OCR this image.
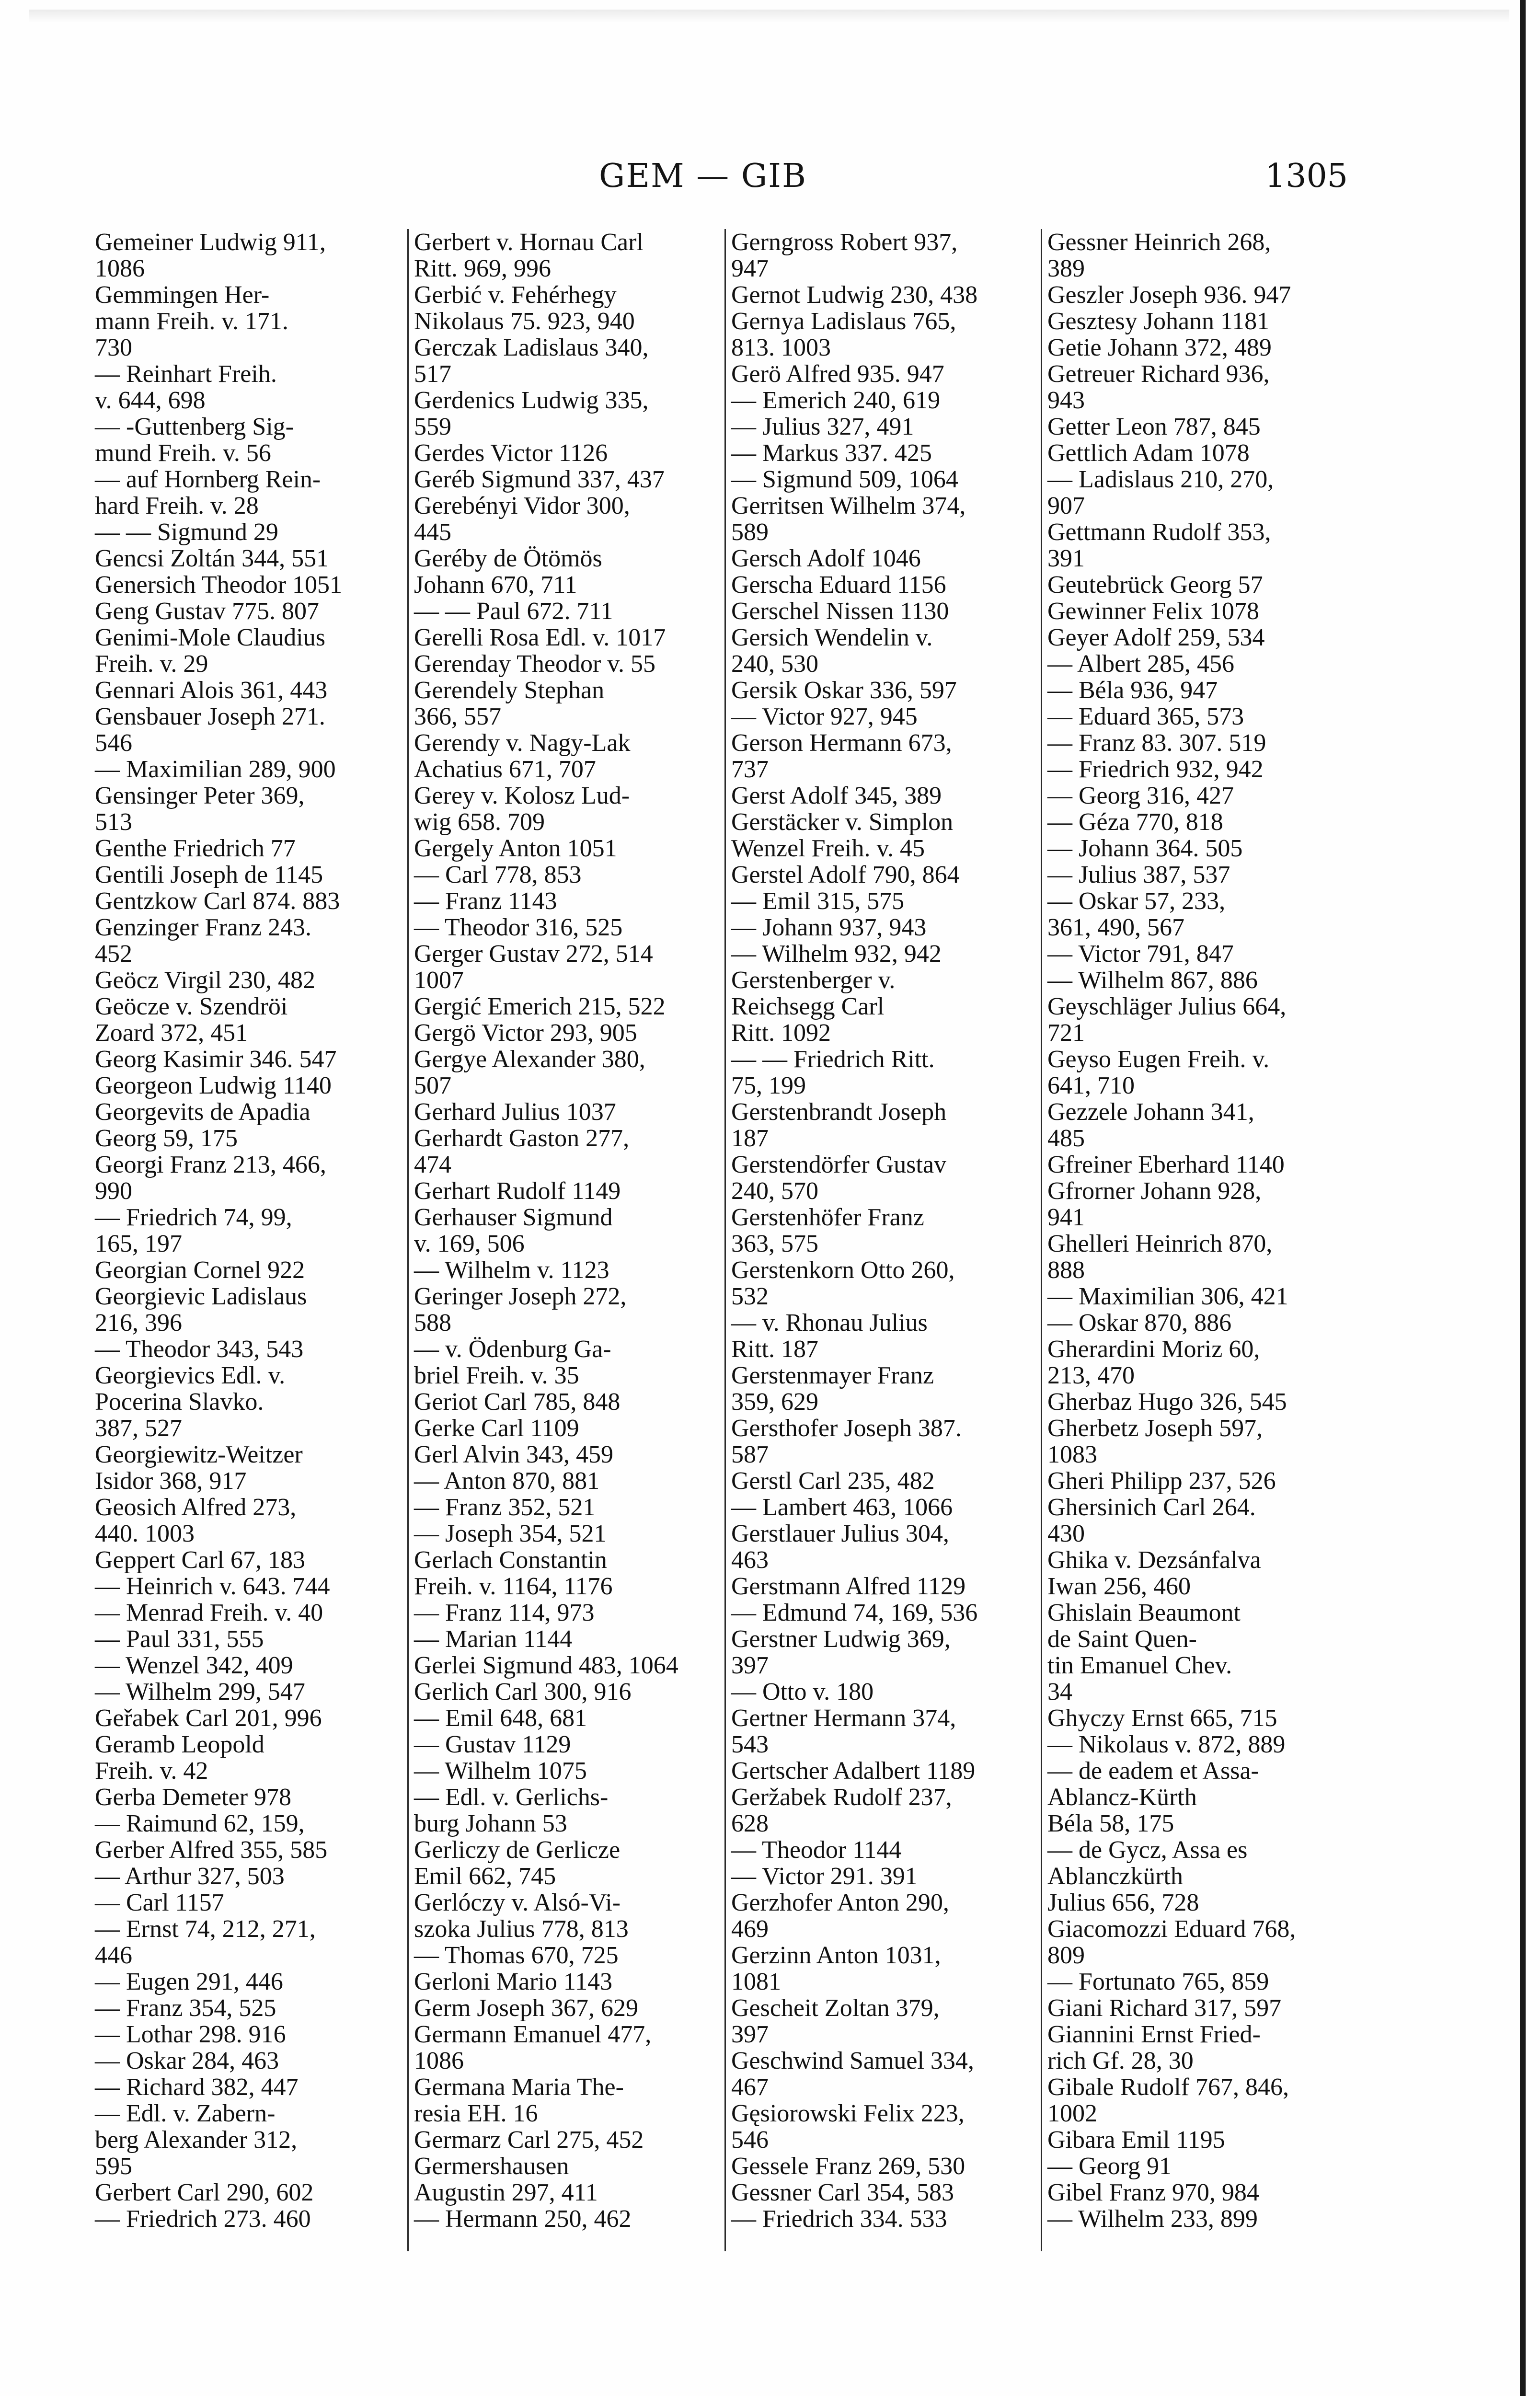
GEM — GIB	1305
Gemeiner Ludwig 911,
1086
Gemmingen Her-
mann Freih. v. 171.
730
— Reinhart Freih.
v. 644, 698
— -Guttenberg Sig-
mund Freih. v. 56
— auf Hornberg Rein-
hard Freih. v. 28
— — Sigmund 29
Gencsi Zoltán 344, 551
Genersich Theodor 1051
Geng Gustav 775. 807
Genimi-Mole Claudius
Freih. v. 29
Gennari Alois 361, 443
Gensbauer Joseph 271.
546
— Maximilian 289, 900
Gensinger Peter 369,
513
Genthe Friedrich 77
Gentili Joseph de 1145
Gentzkow Carl 874. 883
Genzinger Franz 243.
452
Geöcz Virgil 230, 482
Geöcze v. Szendröi
Zoard 372, 451
Georg Kasimir 346. 547
Georgeon Ludwig 1140
Georgevits de Apadia
Georg 59, 175
Georgi Franz 213, 466,
990
— Friedrich 74, 99,
165, 197
Georgian Cornel 922
Georgievic Ladislaus
216, 396
— Theodor 343, 543
Georgievics Edl. v.
Pocerina Slavko.
387, 527
Georgiewitz-Weitzer
Isidor 368, 917
Geosich Alfred 273,
440. 1003
Geppert Carl 67, 183
— Heinrich v. 643. 744
— Menrad Freih. v. 40
— Paul 331, 555
— Wenzel 342, 409
— Wilhelm 299, 547
Geřabek Carl 201, 996
Geramb Leopold
Freih. v. 42
Gerba Demeter 978
— Raimund 62, 159,
Gerber Alfred 355, 585
— Arthur 327, 503
— Carl 1157
— Ernst 74, 212, 271,
446
— Eugen 291, 446
— Franz 354, 525
— Lothar 298. 916
— Oskar 284, 463
— Richard 382, 447
— Edl. v. Zabern-
berg Alexander 312,
595
Gerbert Carl 290, 602
— Friedrich 273. 460
Gerbert v. Hornau Carl
Ritt. 969, 996
Gerbić v. Fehérhegy
Nikolaus 75. 923, 940
Gerczak Ladislaus 340,
517
Gerdenics Ludwig 335,
559
Gerdes Victor 1126
Geréb Sigmund 337, 437
Gerebényi Vidor 300,
445
Geréby de Ötömös
Johann 670, 711
— — Paul 672. 711
Gerelli Rosa Edl. v. 1017
Gerenday Theodor v. 55
Gerendely Stephan
366, 557
Gerendy v. Nagy-Lak
Achatius 671, 707
Gerey v. Kolosz Lud-
wig 658. 709
Gergely Anton 1051
— Carl 778, 853
— Franz 1143
— Theodor 316, 525
Gerger Gustav 272, 514
1007
Gergić Emerich 215, 522
Gergö Victor 293, 905
Gergye Alexander 380,
507
Gerhard Julius 1037
Gerhardt Gaston 277,
474
Gerhart Rudolf 1149
Gerhauser Sigmund
v. 169, 506
— Wilhelm v. 1123
Geringer Joseph 272,
588
— v. Ödenburg Ga-
briel Freih. v. 35
Geriot Carl 785, 848
Gerke Carl 1109
Gerl Alvin 343, 459
— Anton 870, 881
— Franz 352, 521
— Joseph 354, 521
Gerlach Constantin
Freih. v. 1164, 1176
— Franz 114, 973
— Marian 1144
Gerlei Sigmund 483, 1064
Gerlich Carl 300, 916
— Emil 648, 681
— Gustav 1129
— Wilhelm 1075
— Edl. v. Gerlichs-
burg Johann 53
Gerliczy de Gerlicze
Emil 662, 745
Gerlóczy v. Alsó-Vi-
szoka Julius 778, 813
— Thomas 670, 725
Gerloni Mario 1143
Germ Joseph 367, 629
Germann Emanuel 477,
1086
Germana Maria The-
resia EH. 16
Germarz Carl 275, 452
Germershausen
Augustin 297, 411
— Hermann 250, 462
Gerngross Robert 937,
947
Gernot Ludwig 230, 438
Gernya Ladislaus 765,
813. 1003
Gerö Alfred 935. 947
— Emerich 240, 619
— Julius 327, 491
— Markus 337. 425
— Sigmund 509, 1064
Gerritsen Wilhelm 374,
589
Gersch Adolf 1046
Gerscha Eduard 1156
Gerschel Nissen 1130
Gersich Wendelin v.
240, 530
Gersik Oskar 336, 597
— Victor 927, 945
Gerson Hermann 673,
737
Gerst Adolf 345, 389
Gerstäcker v. Simplon
Wenzel Freih. v. 45
Gerstel Adolf 790, 864
— Emil 315, 575
— Johann 937, 943
— Wilhelm 932, 942
Gerstenberger v.
Reichsegg Carl
Ritt. 1092
— — Friedrich Ritt.
75, 199
Gerstenbrandt Joseph
187
Gerstendörfer Gustav
240, 570
Gerstenhöfer Franz
363, 575
Gerstenkorn Otto 260,
532
— v. Rhonau Julius
Ritt. 187
Gerstenmayer Franz
359, 629
Gersthofer Joseph 387.
587
Gerstl Carl 235, 482
— Lambert 463, 1066
Gerstlauer Julius 304,
463
Gerstmann Alfred 1129
— Edmund 74, 169, 536
Gerstner Ludwig 369,
397
— Otto v. 180
Gertner Hermann 374,
543
Gertscher Adalbert 1189
Geržabek Rudolf 237,
628
— Theodor 1144
— Victor 291. 391
Gerzhofer Anton 290,
469
Gerzinn Anton 1031,
1081
Gescheit Zoltan 379,
397
Geschwind Samuel 334,
467
Gęsiorowski Felix 223,
546
Gessele Franz 269, 530
Gessner Carl 354, 583
— Friedrich 334. 533
Gessner Heinrich 268,
389
Geszler Joseph 936. 947
Gesztesy Johann 1181
Getie Johann 372, 489
Getreuer Richard 936,
943
Getter Leon 787, 845
Gettlich Adam 1078
— Ladislaus 210, 270,
907
Gettmann Rudolf 353,
391
Geutebrück Georg 57
Gewinner Felix 1078
Geyer Adolf 259, 534
— Albert 285, 456
— Béla 936, 947
— Eduard 365, 573
— Franz 83. 307. 519
— Friedrich 932, 942
— Georg 316, 427
— Géza 770, 818
— Johann 364. 505
— Julius 387, 537
— Oskar 57, 233,
361, 490, 567
— Victor 791, 847
— Wilhelm 867, 886
Geyschläger Julius 664,
721
Geyso Eugen Freih. v.
641, 710
Gezzele Johann 341,
485
Gfreiner Eberhard 1140
Gfrorner Johann 928,
941
Ghelleri Heinrich 870,
888
— Maximilian 306, 421
— Oskar 870, 886
Gherardini Moriz 60,
213, 470
Gherbaz Hugo 326, 545
Gherbetz Joseph 597,
1083
Gheri Philipp 237, 526
Ghersinich Carl 264.
430
Ghika v. Dezsánfalva
Iwan 256, 460
Ghislain Beaumont
de Saint Quen-
tin Emanuel Chev.
34
Ghyczy Ernst 665, 715
— Nikolaus v. 872, 889
— de eadem et Assa-
Ablancz-Kürth
Béla 58, 175
— de Gycz, Assa es
Ablanczkürth
Julius 656, 728
Giacomozzi Eduard 768,
809
— Fortunato 765, 859
Giani Richard 317, 597
Giannini Ernst Fried-
rich Gf. 28, 30
Gibale Rudolf 767, 846,
1002
Gibara Emil 1195
— Georg 91
Gibel Franz 970, 984
— Wilhelm 233, 899
